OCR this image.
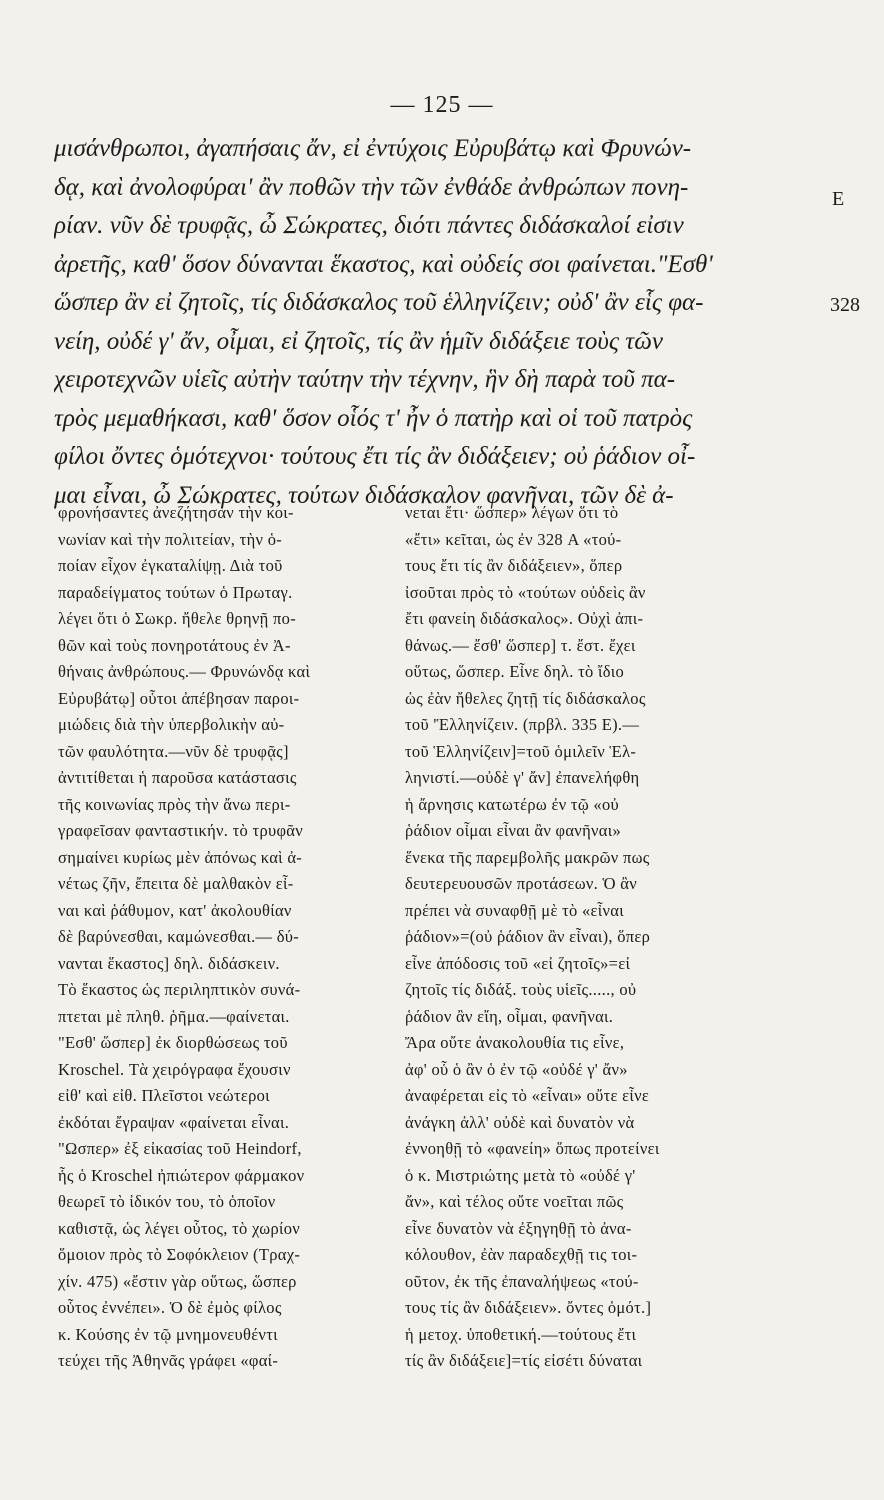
— 125 —
μισάνθρωποι, ἀγαπήσαις ἄν, εἰ ἐντύχοις Εὐρυβάτῳ καὶ Φρυνών-
δᾳ, καὶ ἀνολοφύραι' ἂν ποθῶν τὴν τῶν ἐνθάδε ἀνθρώπων πονη-
ρίαν. νῦν δὲ τρυφᾷς, ὦ Σώκρατες, διότι πάντες διδάσκαλοί εἰσιν
ἀρετῆς, καθ' ὅσον δύνανται ἕκαστος, καὶ οὐδείς σοι φαίνεται."Εσθ'
ὥσπερ ἂν εἰ ζητοῖς, τίς διδάσκαλος τοῦ ἑλληνίζειν; οὐδ' ἂν εἷς φα-
νείη, οὐδέ γ' ἄν, οἶμαι, εἰ ζητοῖς, τίς ἂν ἡμῖν διδάξειε τοὺς τῶν
χειροτεχνῶν υἱεῖς αὐτὴν ταύτην τὴν τέχνην, ἣν δὴ παρὰ τοῦ πα-
τρὸς μεμαθήκασι, καθ' ὅσον οἷός τ' ἦν ὁ πατὴρ καὶ οἱ τοῦ πατρὸς
φίλοι ὄντες ὁμότεχνοι· τούτους ἔτι τίς ἂν διδάξειεν; οὐ ῥάδιον οἶ-
μαι εἶναι, ὦ Σώκρατες, τούτων διδάσκαλον φανῆναι, τῶν δὲ ἀ-
E
328
φρονήσαντες ἀνεζήτησαν τὴν κοι-
νωνίαν καὶ τὴν πολιτείαν, τὴν ὁ-
ποίαν εἶχον ἐγκαταλίψῃ. Διὰ τοῦ
παραδείγματος τούτων ὁ Πρωταγ.
λέγει ὅτι ὁ Σωκρ. ἤθελε θρηνῇ πο-
θῶν καὶ τοὺς πονηροτάτους ἐν Ἀ-
θήναις ἀνθρώπους.— Φρυνώνδᾳ καὶ
Εὐρυβάτῳ] οὗτοι ἀπέβησαν παροι-
μιώδεις διὰ τὴν ὑπερβολικὴν αὐ-
τῶν φαυλότητα.—νῦν δὲ τρυφᾷς]
ἀντιτίθεται ἡ παροῦσα κατάστασις
τῆς κοινωνίας πρὸς τὴν ἄνω περι-
γραφεῖσαν φανταστικήν. τὸ τρυφᾶν
σημαίνει κυρίως μὲν ἀπόνως καὶ ἀ-
νέτως ζῆν, ἔπειτα δὲ μαλθακὸν εἶ-
ναι καὶ ῥάθυμον, κατ' ἀκολουθίαν
δὲ βαρύνεσθαι, καμώνεσθαι.— δύ-
νανται ἕκαστος] δηλ. διδάσκειν.
Τὸ ἕκαστος ὡς περιληπτικὸν συνά-
πτεται μὲ πληθ. ῥῆμα.—φαίνεται.
"Εσθ' ὥσπερ] ἐκ διορθώσεως τοῦ
Kroschel. Τὰ χειρόγραφα ἔχουσιν
εἰθ' καὶ εἰθ. Πλεῖστοι νεώτεροι
ἐκδόται ἔγραψαν «φαίνεται εἶναι.
"Ωσπερ» ἐξ εἰκασίας τοῦ Heindorf,
ἧς ὁ Kroschel ἠπιώτερον φάρμακον
θεωρεῖ τὸ ἰδικόν του, τὸ ὁποῖον
καθιστᾷ, ὡς λέγει οὗτος, τὸ χωρίον
ὅμοιον πρὸς τὸ Σοφόκλειον (Τραχ-
χίν. 475) «ἔστιν γὰρ οὕτως, ὥσπερ
οὗτος ἐννέπει». Ὁ δὲ ἐμὸς φίλος
κ. Κούσης ἐν τῷ μνημονευθέντι
τεύχει τῆς Ἀθηνᾶς γράφει «φαί-
νεται ἔτι· ὥσπερ» λέγων ὅτι τὸ
«ἔτι» κεῖται, ὡς ἐν 328 A «τού-
τους ἔτι τίς ἂν διδάξειεν», ὅπερ
ἰσοῦται πρὸς τὸ «τούτων οὐδεὶς ἂν
ἔτι φανείη διδάσκαλος». Οὐχὶ ἀπι-
θάνως.— ἔσθ' ὥσπερ] τ. ἔστ. ἔχει
οὕτως, ὥσπερ. Εἶνε δηλ. τὸ ἴδιο
ὡς ἐὰν ἤθελες ζητῇ τίς διδάσκαλος
τοῦ 'Ἑλληνίζειν. (πρβλ. 335 E).—
τοῦ Ἑλληνίζειν]=τοῦ ὁμιλεῖν Ἑλ-
ληνιστί.—οὐδὲ γ' ἄν] ἐπανελήφθη
ἡ ἄρνησις κατωτέρω ἐν τῷ «οὐ
ῥάδιον οἶμαι εἶναι ἂν φανῆναι»
ἕνεκα τῆς παρεμβολῆς μακρῶν πως
δευτερευουσῶν προτάσεων. Ὁ ἂν
πρέπει νὰ συναφθῇ μὲ τὸ «εἶναι
ῥάδιον»=(οὐ ῥάδιον ἂν εἶναι), ὅπερ
εἶνε ἀπόδοσις τοῦ «εἰ ζητοῖς»=εἰ
ζητοῖς τίς διδάξ. τοὺς υἱεῖς....., οὐ
ῥάδιον ἂν εἴη, οἶμαι, φανῆναι.
Ἄρα οὔτε ἀνακολουθία τις εἶνε,
ἀφ' οὗ ὁ ἂν ὁ ἐν τῷ «οὐδέ γ' ἄν»
ἀναφέρεται εἰς τὸ «εἶναι» οὔτε εἶνε
ἀνάγκη ἀλλ' οὐδὲ καὶ δυνατὸν νὰ
ἐννοηθῇ τὸ «φανείη» ὅπως προτείνει
ὁ κ. Μιστριώτης μετὰ τὸ «οὐδέ γ'
ἄν», καὶ τέλος οὔτε νοεῖται πῶς
εἶνε δυνατὸν νὰ ἐξηγηθῇ τὸ ἀνα-
κόλουθον, ἐὰν παραδεχθῇ τις τοι-
οῦτον, ἐκ τῆς ἐπαναλήψεως «τού-
τους τίς ἂν διδάξειεν». ὄντες ὁμότ.]
ἡ μετοχ. ὑποθετική.—τούτους ἔτι
τίς ἂν διδάξειε]=τίς εἰσέτι δύναται
